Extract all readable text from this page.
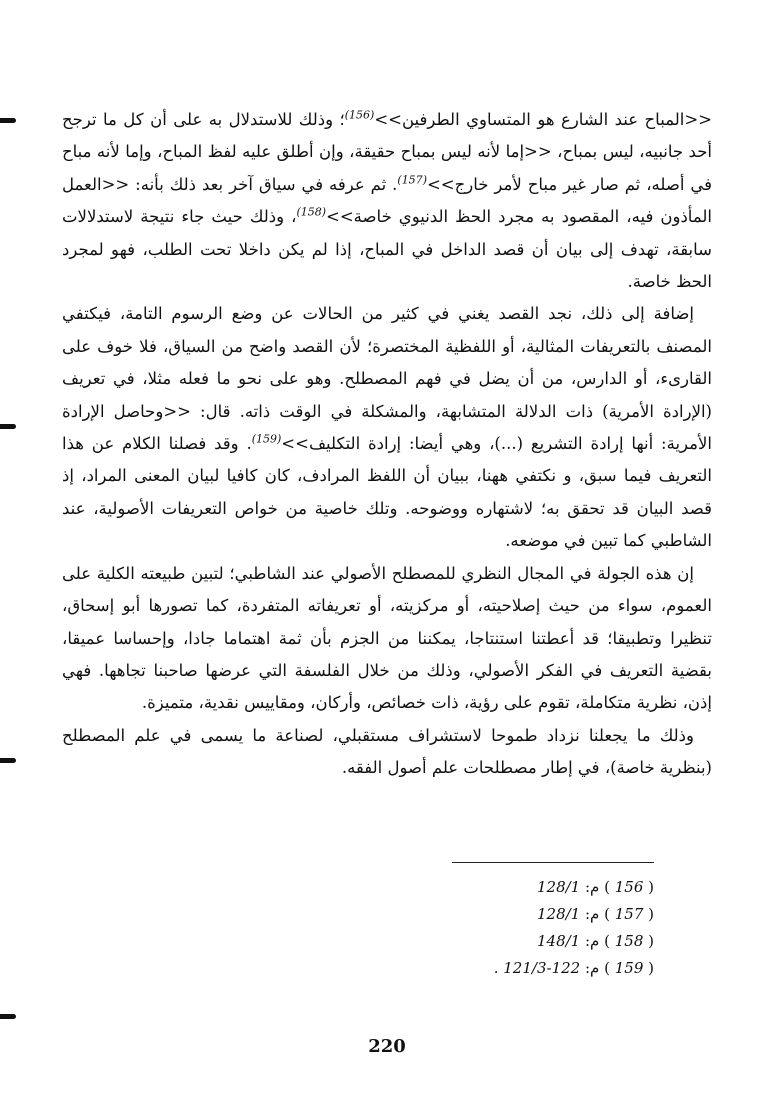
<<المباح عند الشارع هو المتساوي الطرفين>>$^{(156)}$؛ وذلك للاستدلال به على أن كل ما ترجح أحد جانبيه، ليس بمباح، <<إما لأنه ليس بمباح حقيقة، وإن أطلق عليه لفظ المباح، وإما لأنه مباح في أصله، ثم صار غير مباح لأمر خارج>>$^{(157)}$. ثم عرفه في سياق آخر بعد ذلك بأنه: <<العمل المأذون فيه، المقصود به مجرد الحظ الدنيوي خاصة>>$^{(158)}$، وذلك حيث جاء نتيجة لاستدلالات سابقة، تهدف إلى بيان أن قصد الداخل في المباح، إذا لم يكن داخلا تحت الطلب، فهو لمجرد الحظ خاصة.

إضافة إلى ذلك، نجد القصد يغني في كثير من الحالات عن وضع الرسوم التامة، فيكتفي المصنف بالتعريفات المثالية، أو اللفظية المختصرة؛ لأن القصد واضح من السياق، فلا خوف على القارىء، أو الدارس، من أن يضل في فهم المصطلح. وهو على نحو ما فعله مثلا، في تعريف (الإرادة الأمرية) ذات الدلالة المتشابهة، والمشكلة في الوقت ذاته. قال: <<وحاصل الإرادة الأمرية: أنها إرادة التشريع (...)، وهي أيضا: إرادة التكليف>>$^{(159)}$. وقد فصلنا الكلام عن هذا التعريف فيما سبق، و نكتفي ههنا، ببيان أن اللفظ المرادف، كان كافيا لبيان المعنى المراد، إذ قصد البيان قد تحقق به؛ لاشتهاره ووضوحه. وتلك خاصية من خواص التعريفات الأصولية، عند الشاطبي كما تبين في موضعه.

إن هذه الجولة في المجال النظري للمصطلح الأصولي عند الشاطبي؛ لتبين طبيعته الكلية على العموم، سواء من حيث إصلاحيته، أو مركزيته، أو تعريفاته المتفردة، كما تصورها أبو إسحاق، تنظيرا وتطبيقا؛ قد أعطتنا استنتاجا، يمكننا من الجزم بأن ثمة اهتماما جادا، وإحساسا عميقا، بقضية التعريف في الفكر الأصولي، وذلك من خلال الفلسفة التي عرضها صاحبنا تجاهها. فهي إذن، نظرية متكاملة، تقوم على رؤية، ذات خصائص، وأركان، ومقاييس نقدية، متميزة.

وذلك ما يجعلنا نزداد طموحا لاستشراف مستقبلي، لصناعة ما يسمى في علم المصطلح (بنظرية خاصة)، في إطار مصطلحات علم أصول الفقه.

( 156 ) م: 128/1
( 157 ) م: 128/1
( 158 ) م: 148/1
( 159 ) م: 122-121/3 .
220
